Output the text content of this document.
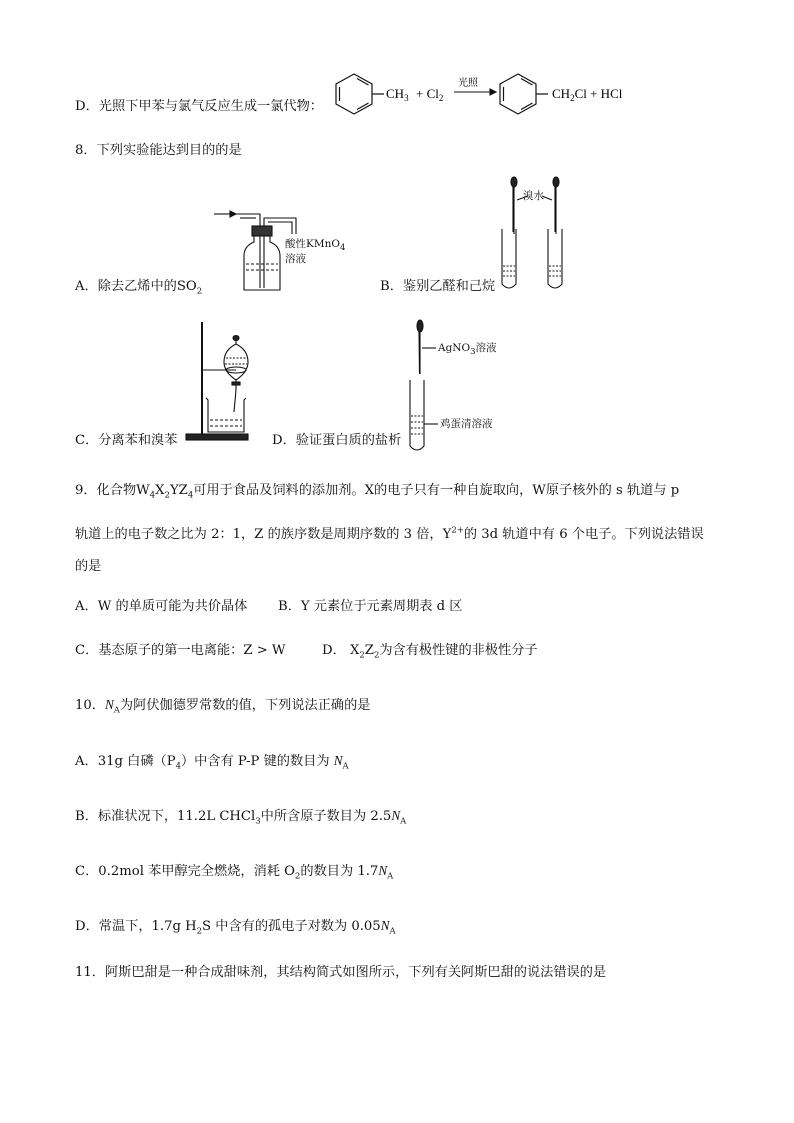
D．光照下甲苯与氯气反应生成一氯代物：
$CH_3 + Cl_2$
光照
$CH_2Cl$ + HCl
8．下列实验能达到目的的是
酸性KMnO$_4$
溶液
A．除去乙烯中的$SO_2$
溴水
B．鉴别乙醛和己烷
C．分离苯和溴苯
AgNO$_3$溶液
鸡蛋清溶液
D．验证蛋白质的盐析
9．化合物$W_4X_2YZ_4$可用于食品及饲料的添加剂。X的电子只有一种自旋取向，W原子核外的 s 轨道与 p
轨道上的电子数之比为 2：1，Z 的族序数是周期序数的 3 倍，$Y^{2+}$的 3d 轨道中有 6 个电子。下列说法错误
的是
A．W 的单质可能为共价晶体 B．Y 元素位于元素周期表 d 区
C．基态原子的第一电离能：Z > W	D． $X_2Z_2$为含有极性键的非极性分子
10．$N_A$为阿伏伽德罗常数的值，下列说法正确的是
A．31g 白磷$(P_4)$中含有 P-P 键的数目为 $N_A$
B．标准状况下，11.2L CHCl$_3$中所含原子数目为 $2.5N_A$
C．0.2mol 苯甲醇完全燃烧，消耗 $O_2$的数目为 $1.7N_A$
D．常温下，1.7g $H_2S$ 中含有的孤电子对数为 $0.05N_A$
11．阿斯巴甜是一种合成甜味剂，其结构简式如图所示，下列有关阿斯巴甜的说法错误的是
